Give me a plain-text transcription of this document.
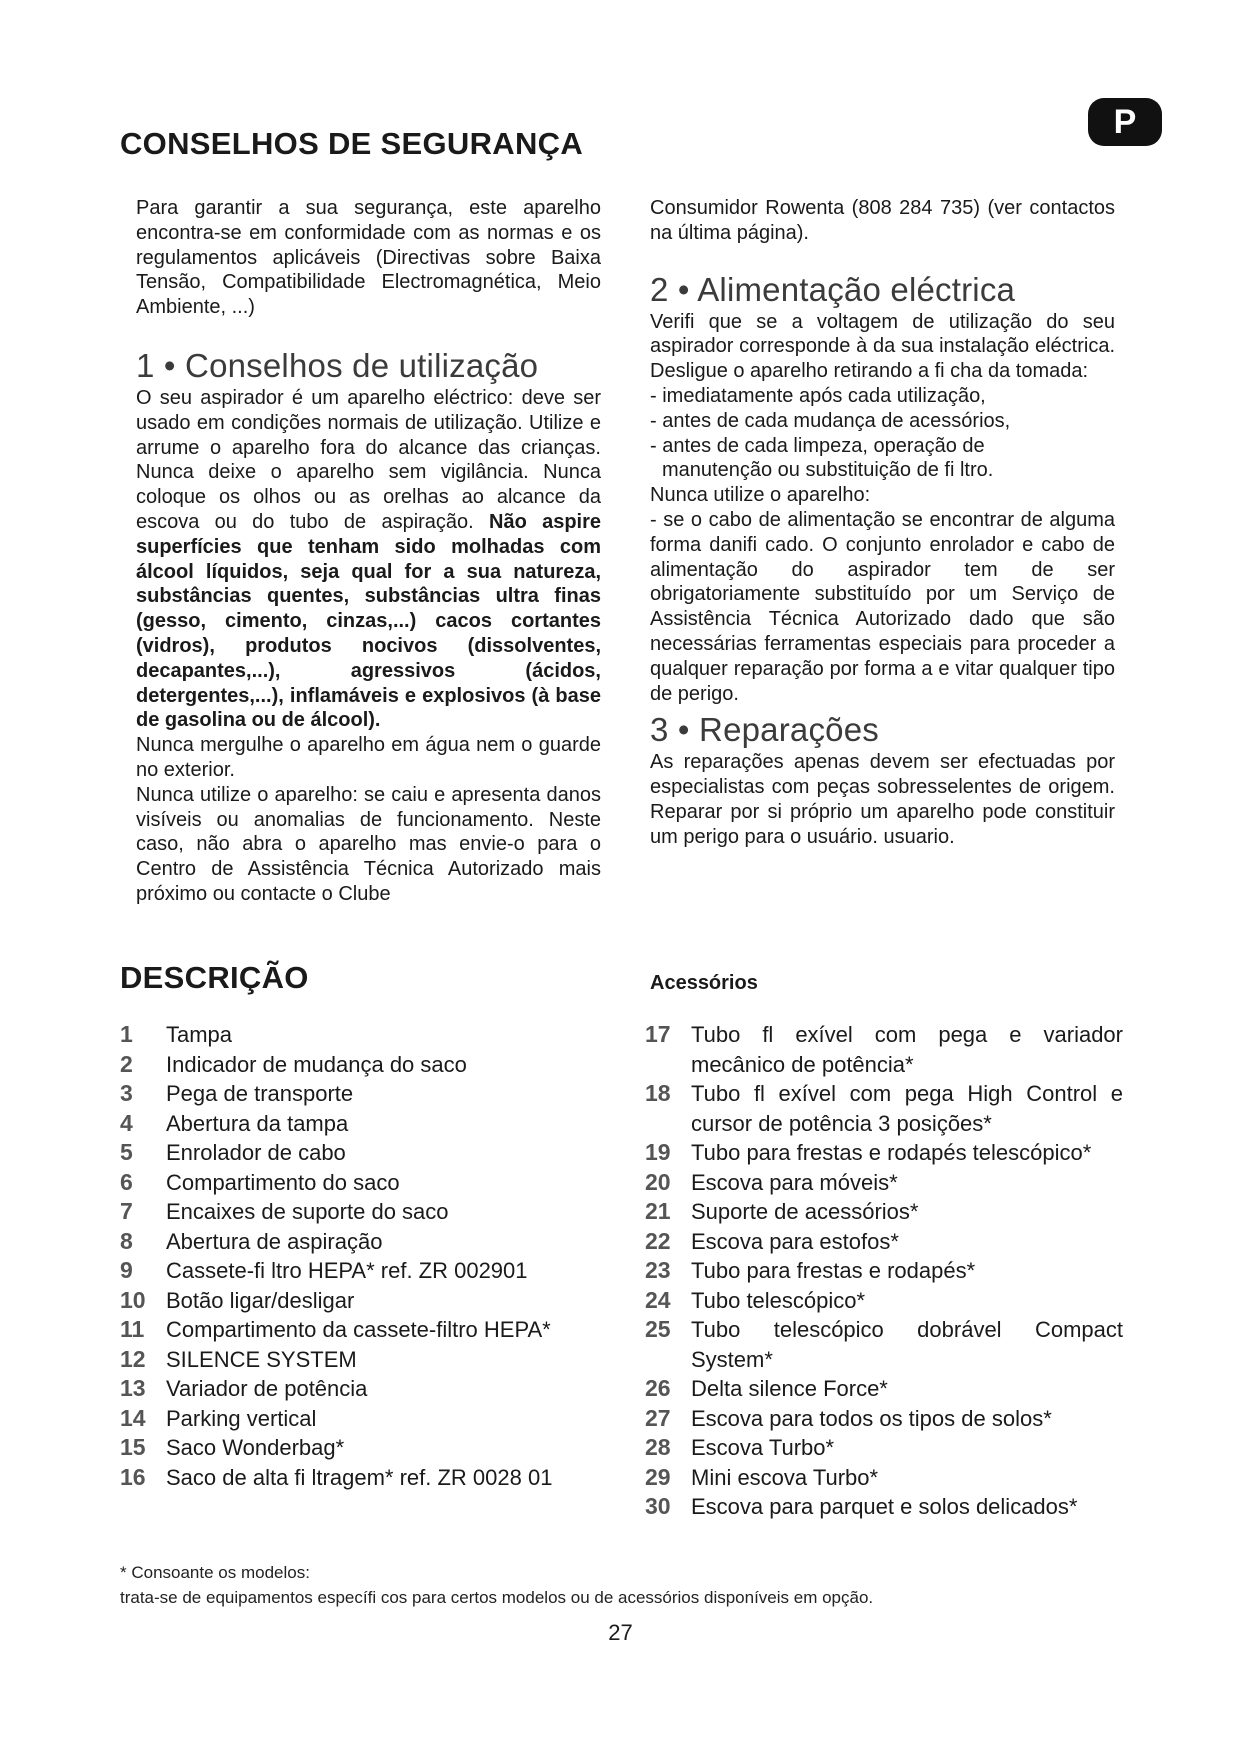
P
CONSELHOS DE SEGURANÇA

Para garantir a sua segurança, este aparelho encontra-se em conformidade com as normas e os regulamentos aplicáveis (Directivas sobre Baixa Tensão, Compatibilidade Electromagnética, Meio Ambiente, ...)

1 • Conselhos de utilização

O seu aspirador é um aparelho eléctrico: deve ser usado em condições normais de utilização. Utilize e arrume o aparelho fora do alcance das crianças. Nunca deixe o aparelho sem vigilância. Nunca coloque os olhos ou as orelhas ao alcance da escova ou do tubo de aspiração. Não aspire superfícies que tenham sido molhadas com álcool líquidos, seja qual for a sua natureza, substâncias quentes, substâncias ultra finas (gesso, cimento, cinzas,...) cacos cortantes (vidros), produtos nocivos (dissolventes, decapantes,...), agressivos (ácidos, detergentes,...), inflamáveis e explosivos (à base de gasolina ou de álcool).

Nunca mergulhe o aparelho em água nem o guarde no exterior.

Nunca utilize o aparelho: se caiu e apresenta danos visíveis ou anomalias de funcionamento. Neste caso, não abra o aparelho mas envie-o para o Centro de Assistência Técnica Autorizado mais próximo ou contacte o Clube

Consumidor Rowenta (808 284 735) (ver contactos na última página).

2 • Alimentação eléctrica

Verifi que se a voltagem de utilização do seu aspirador corresponde à da sua instalação eléctrica. Desligue o aparelho retirando a fi cha da tomada:

- imediatamente após cada utilização,

- antes de cada mudança de acessórios,

- antes de cada limpeza, operação de

manutenção ou substituição de fi ltro.

Nunca utilize o aparelho:

- se o cabo de alimentação se encontrar de alguma forma danifi cado. O conjunto enrolador e cabo de alimentação do aspirador tem de ser obrigatoriamente substituído por um Serviço de Assistência Técnica Autorizado dado que são necessárias ferramentas especiais para proceder a qualquer reparação por forma a e vitar qualquer tipo de perigo.

3 • Reparações

As reparações apenas devem ser efectuadas por especialistas com peças sobresselentes de origem. Reparar por si próprio um aparelho pode constituir um perigo para o usuário. usuario.

DESCRIÇÃO
1	Tampa
2	Indicador de mudança do saco
3	Pega de transporte
4	Abertura da tampa
5	Enrolador de cabo
6	Compartimento do saco
7	Encaixes de suporte do saco
8	Abertura de aspiração
9	Cassete-fi ltro HEPA* ref. ZR 002901
10 Botão ligar/desligar
11 Compartimento da cassete-filtro HEPA*
12 SILENCE SYSTEM
13 Variador de potência
14 Parking vertical
15 Saco Wonderbag*
16 Saco de alta fi ltragem* ref. ZR 0028 01
Acessórios
17 Tubo fl exível com pega e variador mecânico de potência*
18 Tubo fl exível com pega High Control e cursor de potência 3 posições*
19 Tubo para frestas e rodapés telescópico*
20 Escova para móveis*
21 Suporte de acessórios*
22 Escova para estofos*
23 Tubo para frestas e rodapés*
24 Tubo telescópico*
25 Tubo telescópico dobrável Compact System*
26 Delta silence Force*
27 Escova para todos os tipos de solos*
28 Escova Turbo*
29 Mini escova Turbo*
30 Escova para parquet e solos delicados*
* Consoante os modelos:
trata-se de equipamentos específi cos para certos modelos ou de acessórios disponíveis em opção.
27
